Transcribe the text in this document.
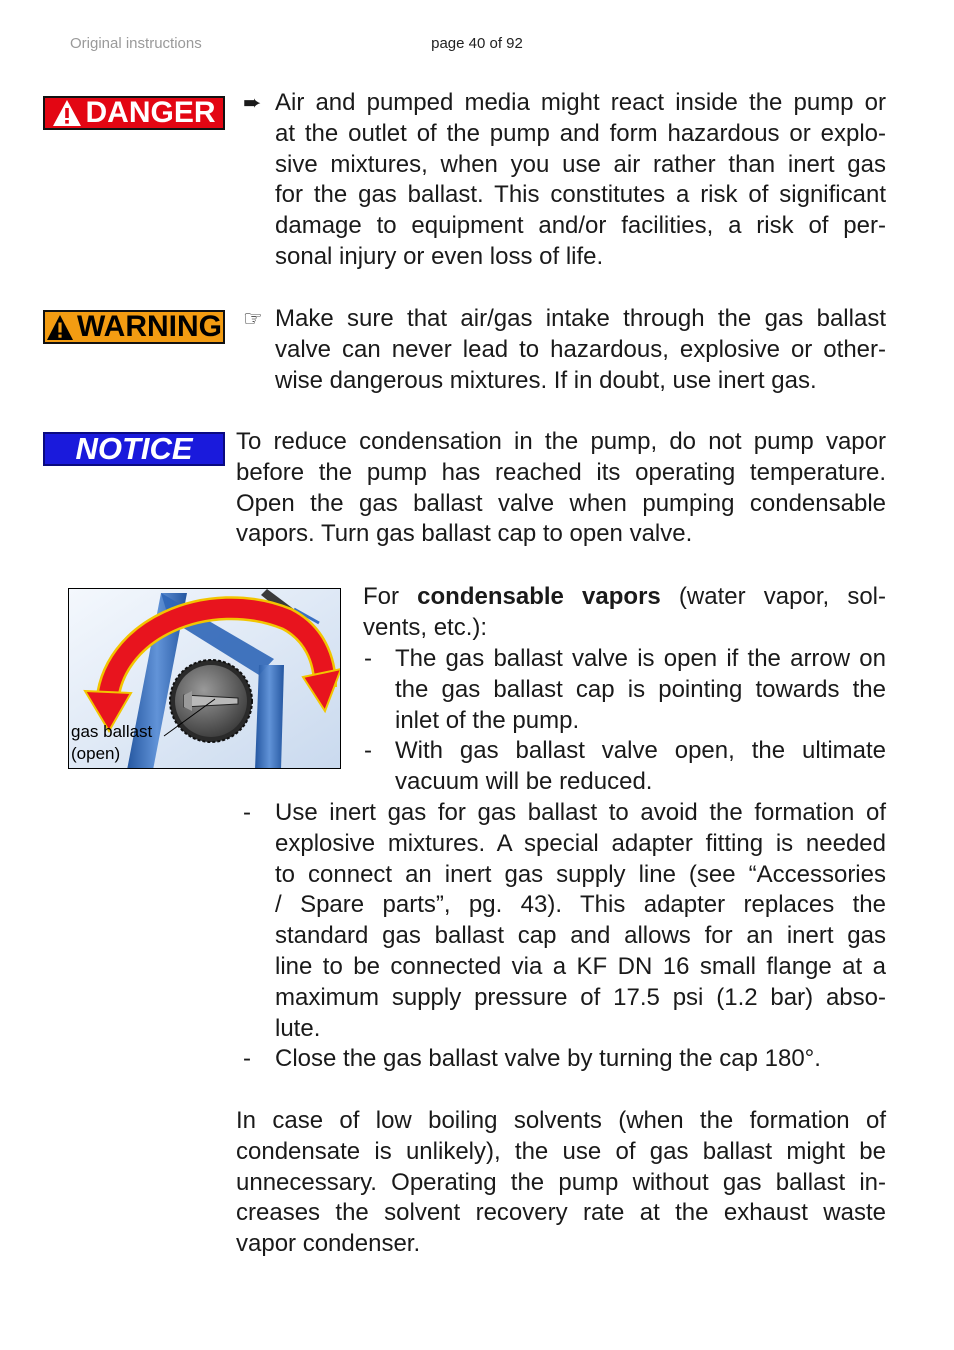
Original instructions	page 40 of 92
DANGER ➨ Air and pumped media might react inside the pump or
at the outlet of the pump and form hazardous or explo-
sive mixtures, when you use air rather than inert gas
for the gas ballast. This constitutes a risk of significant
damage to equipment and/or facilities, a risk of per-
sonal injury or even loss of life.
WARNING ☞ Make sure that air/gas intake through the gas ballast
valve can never lead to hazardous, explosive or other-
wise dangerous mixtures. If in doubt, use inert gas.
NOTICE To reduce condensation in the pump, do not pump vapor
before the pump has reached its operating temperature.
Open the gas ballast valve when pumping condensable
vapors. Turn gas ballast cap to open valve.
gas ballast
(open)
For condensable vapors (water vapor, sol-
vents, etc.):
- The gas ballast valve is open if the arrow on
the gas ballast cap is pointing towards the
inlet of the pump.
- With gas ballast valve open, the ultimate
vacuum will be reduced.
- Use inert gas for gas ballast to avoid the formation of
explosive mixtures. A special adapter fitting is needed
to connect an inert gas supply line (see “Accessories
/ Spare parts”, pg. 43). This adapter replaces the
standard gas ballast cap and allows for an inert gas
line to be connected via a KF DN 16 small flange at a
maximum supply pressure of 17.5 psi (1.2 bar) abso-
lute.
- Close the gas ballast valve by turning the cap 180°.
In case of low boiling solvents (when the formation of
condensate is unlikely), the use of gas ballast might be
unnecessary. Operating the pump without gas ballast in-
creases the solvent recovery rate at the exhaust waste
vapor condenser.
